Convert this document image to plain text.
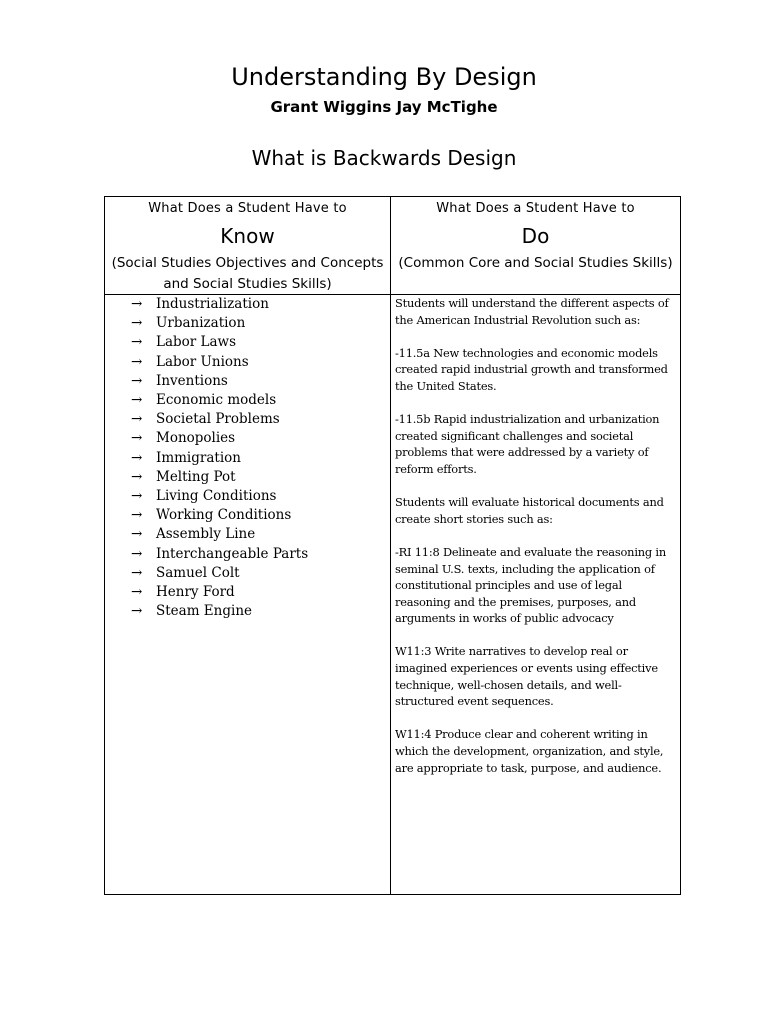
Understanding By Design
Grant Wiggins Jay McTighe
What is Backwards Design
What Does a Student Have to
Know
(Social Studies Objectives and Concepts and Social Studies Skills)
What Does a Student Have to
Do
(Common Core and Social Studies Skills)
→ Industrialization
→ Urbanization
→ Labor Laws
→ Labor Unions
→ Inventions
→ Economic models
→ Societal Problems
→ Monopolies
→ Immigration
→ Melting Pot
→ Living Conditions
→ Working Conditions
→ Assembly Line
→ Interchangeable Parts
→ Samuel Colt
→ Henry Ford
→ Steam Engine

Students will understand the different aspects of the American Industrial Revolution such as:

-11.5a New technologies and economic models created rapid industrial growth and transformed the United States.

-11.5b Rapid industrialization and urbanization created significant challenges and societal problems that were addressed by a variety of reform efforts.

Students will evaluate historical documents and create short stories such as:

-RI 11:8 Delineate and evaluate the reasoning in seminal U.S. texts, including the application of constitutional principles and use of legal reasoning and the premises, purposes, and arguments in works of public advocacy

W11:3 Write narratives to develop real or imagined experiences or events using effective technique, well-chosen details, and well-structured event sequences.

W11:4 Produce clear and coherent writing in which the development, organization, and style, are appropriate to task, purpose, and audience.
